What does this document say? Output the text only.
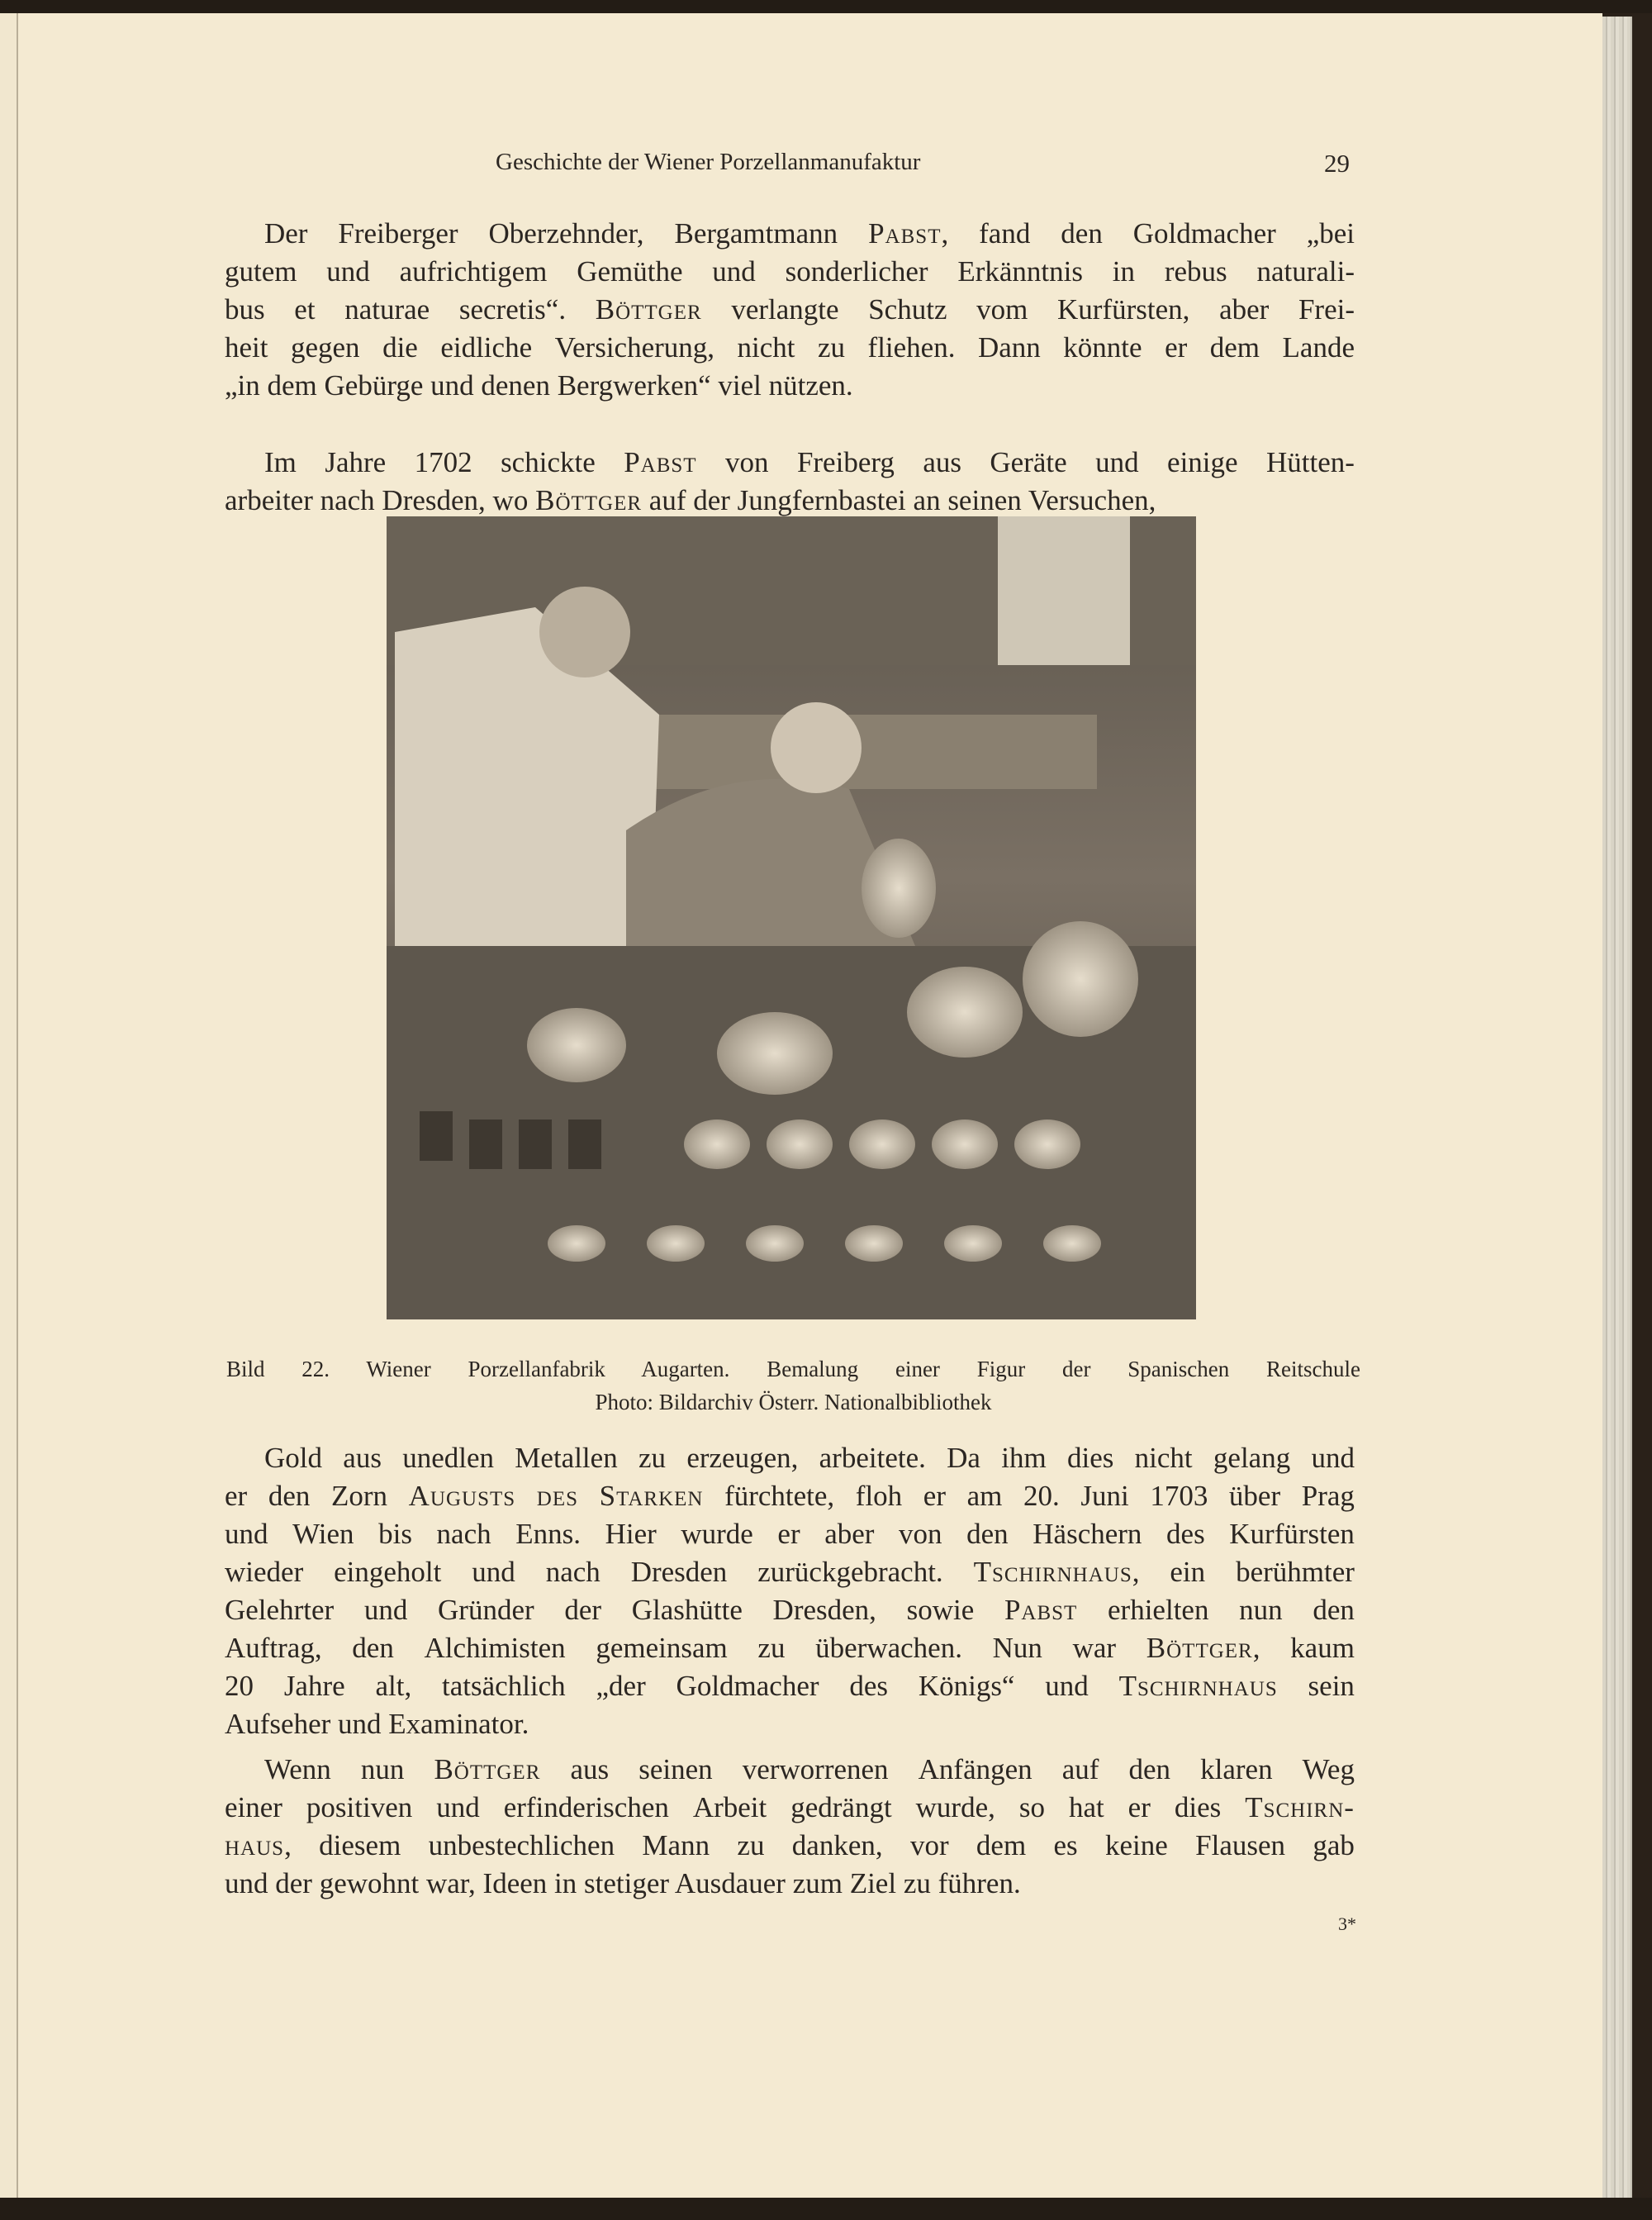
Geschichte der Wiener Porzellanmanufaktur	29
Der Freiberger Oberzehnder, Bergamtmann Pabst, fand den Goldmacher „bei
gutem und aufrichtigem Gemüthe und sonderlicher Erkänntnis in rebus naturali-
bus et naturae secretis“. Böttger verlangte Schutz vom Kurfürsten, aber Frei-
heit gegen die eidliche Versicherung, nicht zu fliehen. Dann könnte er dem Lande
„in dem Gebürge und denen Bergwerken“ viel nützen.
Im Jahre 1702 schickte Pabst von Freiberg aus Geräte und einige Hütten-
arbeiter nach Dresden, wo Böttger auf der Jungfernbastei an seinen Versuchen,
Gold aus unedlen Metallen zu erzeugen, arbeitete. Da ihm dies nicht gelang und
er den Zorn Augusts des Starken fürchtete, floh er am 20. Juni 1703 über Prag
und Wien bis nach Enns. Hier wurde er aber von den Häschern des Kurfürsten
wieder eingeholt und nach Dresden zurückgebracht. Tschirnhaus, ein berühmter
Gelehrter und Gründer der Glashütte Dresden, sowie Pabst erhielten nun den
Auftrag, den Alchimisten gemeinsam zu überwachen. Nun war Böttger, kaum
20 Jahre alt, tatsächlich „der Goldmacher des Königs“ und Tschirnhaus sein
Aufseher und Examinator.
Wenn nun Böttger aus seinen verworrenen Anfängen auf den klaren Weg
einer positiven und erfinderischen Arbeit gedrängt wurde, so hat er dies Tschirn-
haus, diesem unbestechlichen Mann zu danken, vor dem es keine Flausen gab
und der gewohnt war, Ideen in stetiger Ausdauer zum Ziel zu führen.
Bild 22. Wiener Porzellanfabrik Augarten. Bemalung einer Figur der Spanischen Reitschule
Photo: Bildarchiv Österr. Nationalbibliothek
3*
